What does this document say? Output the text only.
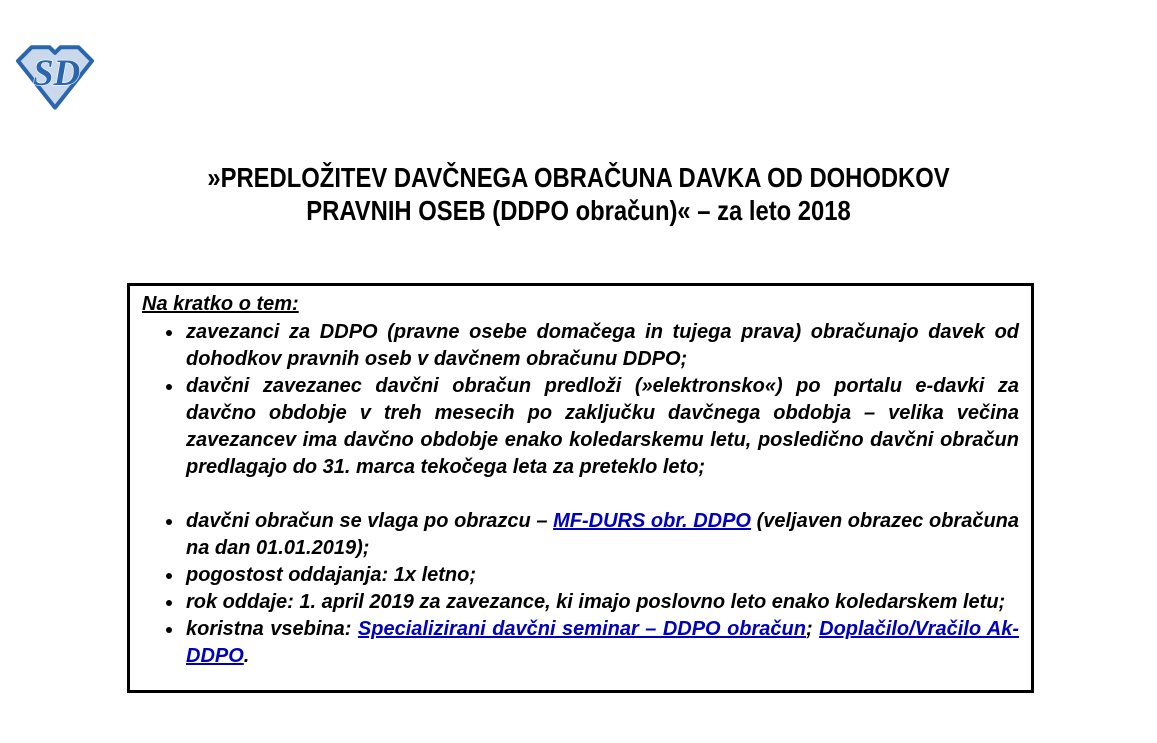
SD
»PREDLOŽITEV DAVČNEGA OBRAČUNA DAVKA OD DOHODKOV
PRAVNIH OSEB (DDPO obračun)« – za leto 2018
Na kratko o tem:
• zavezanci za DDPO (pravne osebe domačega in tujega prava) obračunajo davek od dohodkov pravnih oseb v davčnem obračunu DDPO;
• davčni zavezanec davčni obračun predloži (»elektronsko«) po portalu e-davki za davčno obdobje v treh mesecih po zaključku davčnega obdobja – velika večina zavezancev ima davčno obdobje enako koledarskemu letu, posledično davčni obračun predlagajo do 31. marca tekočega leta za preteklo leto;
• davčni obračun se vlaga po obrazcu – MF-DURS obr. DDPO (veljaven obrazec obračuna na dan 01.01.2019);
• pogostost oddajanja: 1x letno;
• rok oddaje: 1. april 2019 za zavezance, ki imajo poslovno leto enako koledarskem letu;
• koristna vsebina: Specializirani davčni seminar – DDPO obračun; Doplačilo/Vračilo Ak-DDPO.
